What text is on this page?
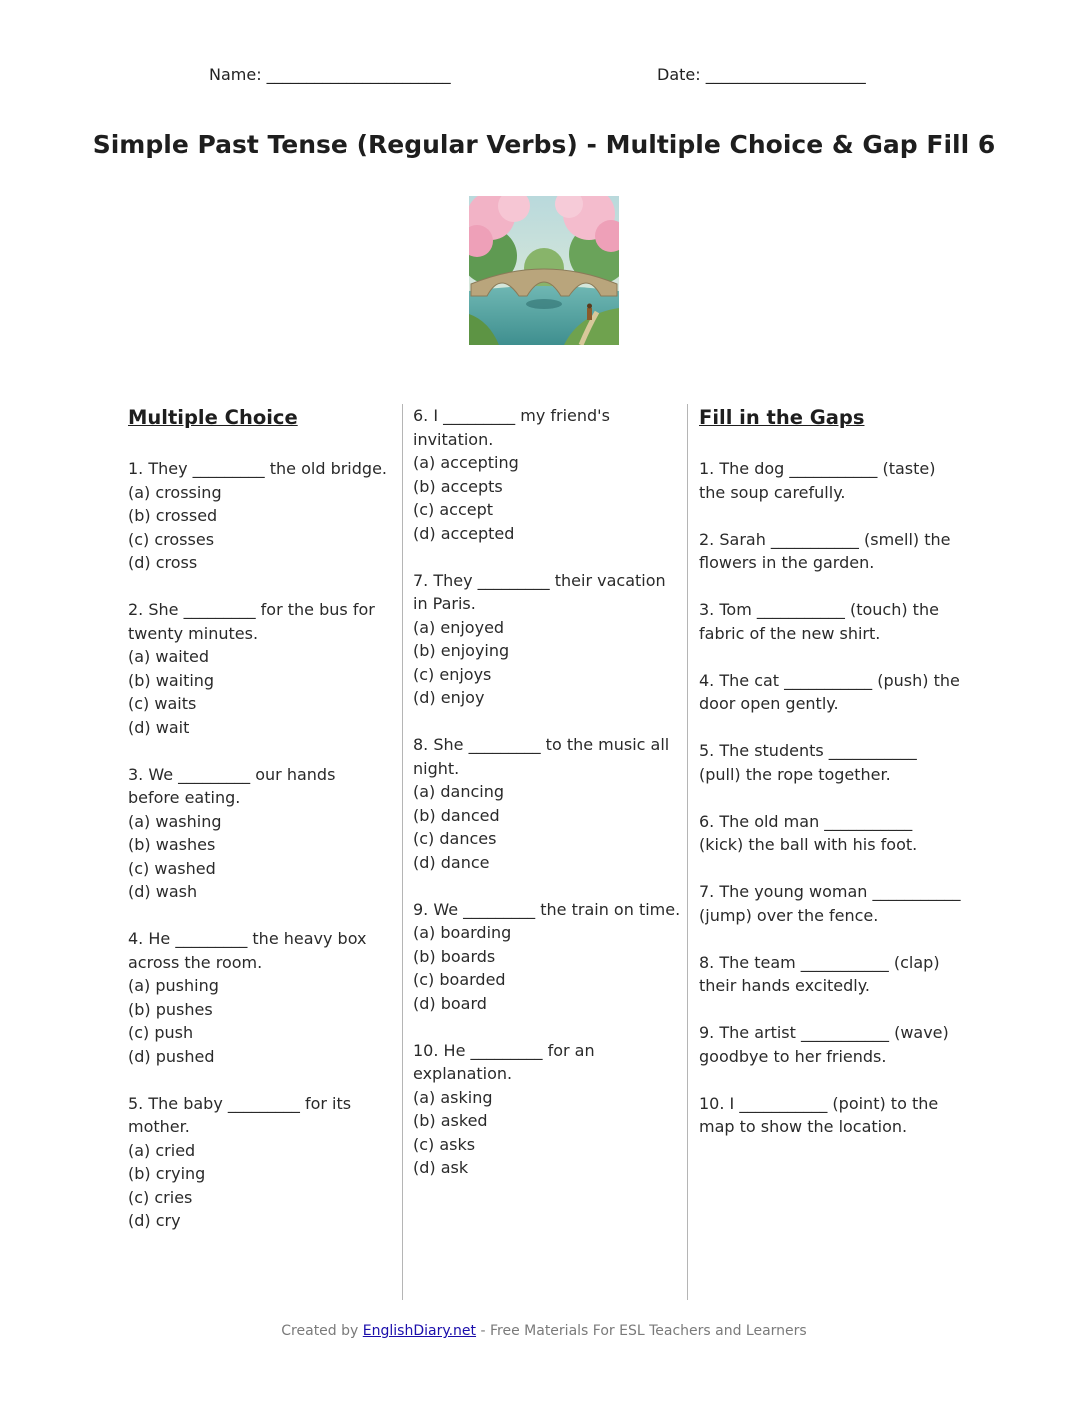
Name: _______________________	Date: ____________________
Simple Past Tense (Regular Verbs) - Multiple Choice & Gap Fill 6
Multiple Choice
1. They _________ the old bridge.
(a) crossing
(b) crossed
(c) crosses
(d) cross
2. She _________ for the bus for twenty minutes.
(a) waited
(b) waiting
(c) waits
(d) wait
3. We _________ our hands before eating.
(a) washing
(b) washes
(c) washed
(d) wash
4. He _________ the heavy box across the room.
(a) pushing
(b) pushes
(c) push
(d) pushed
5. The baby _________ for its mother.
(a) cried
(b) crying
(c) cries
(d) cry
6. I _________ my friend's invitation.
(a) accepting
(b) accepts
(c) accept
(d) accepted
7. They _________ their vacation in Paris.
(a) enjoyed
(b) enjoying
(c) enjoys
(d) enjoy
8. She _________ to the music all night.
(a) dancing
(b) danced
(c) dances
(d) dance
9. We _________ the train on time.
(a) boarding
(b) boards
(c) boarded
(d) board
10. He _________ for an explanation.
(a) asking
(b) asked
(c) asks
(d) ask
Fill in the Gaps
1. The dog ___________ (taste) the soup carefully.
2. Sarah ___________ (smell) the flowers in the garden.
3. Tom ___________ (touch) the fabric of the new shirt.
4. The cat ___________ (push) the door open gently.
5. The students ___________ (pull) the rope together.
6. The old man ___________ (kick) the ball with his foot.
7. The young woman ___________ (jump) over the fence.
8. The team ___________ (clap) their hands excitedly.
9. The artist ___________ (wave) goodbye to her friends.
10. I ___________ (point) to the map to show the location.
Created by EnglishDiary.net - Free Materials For ESL Teachers and Learners
